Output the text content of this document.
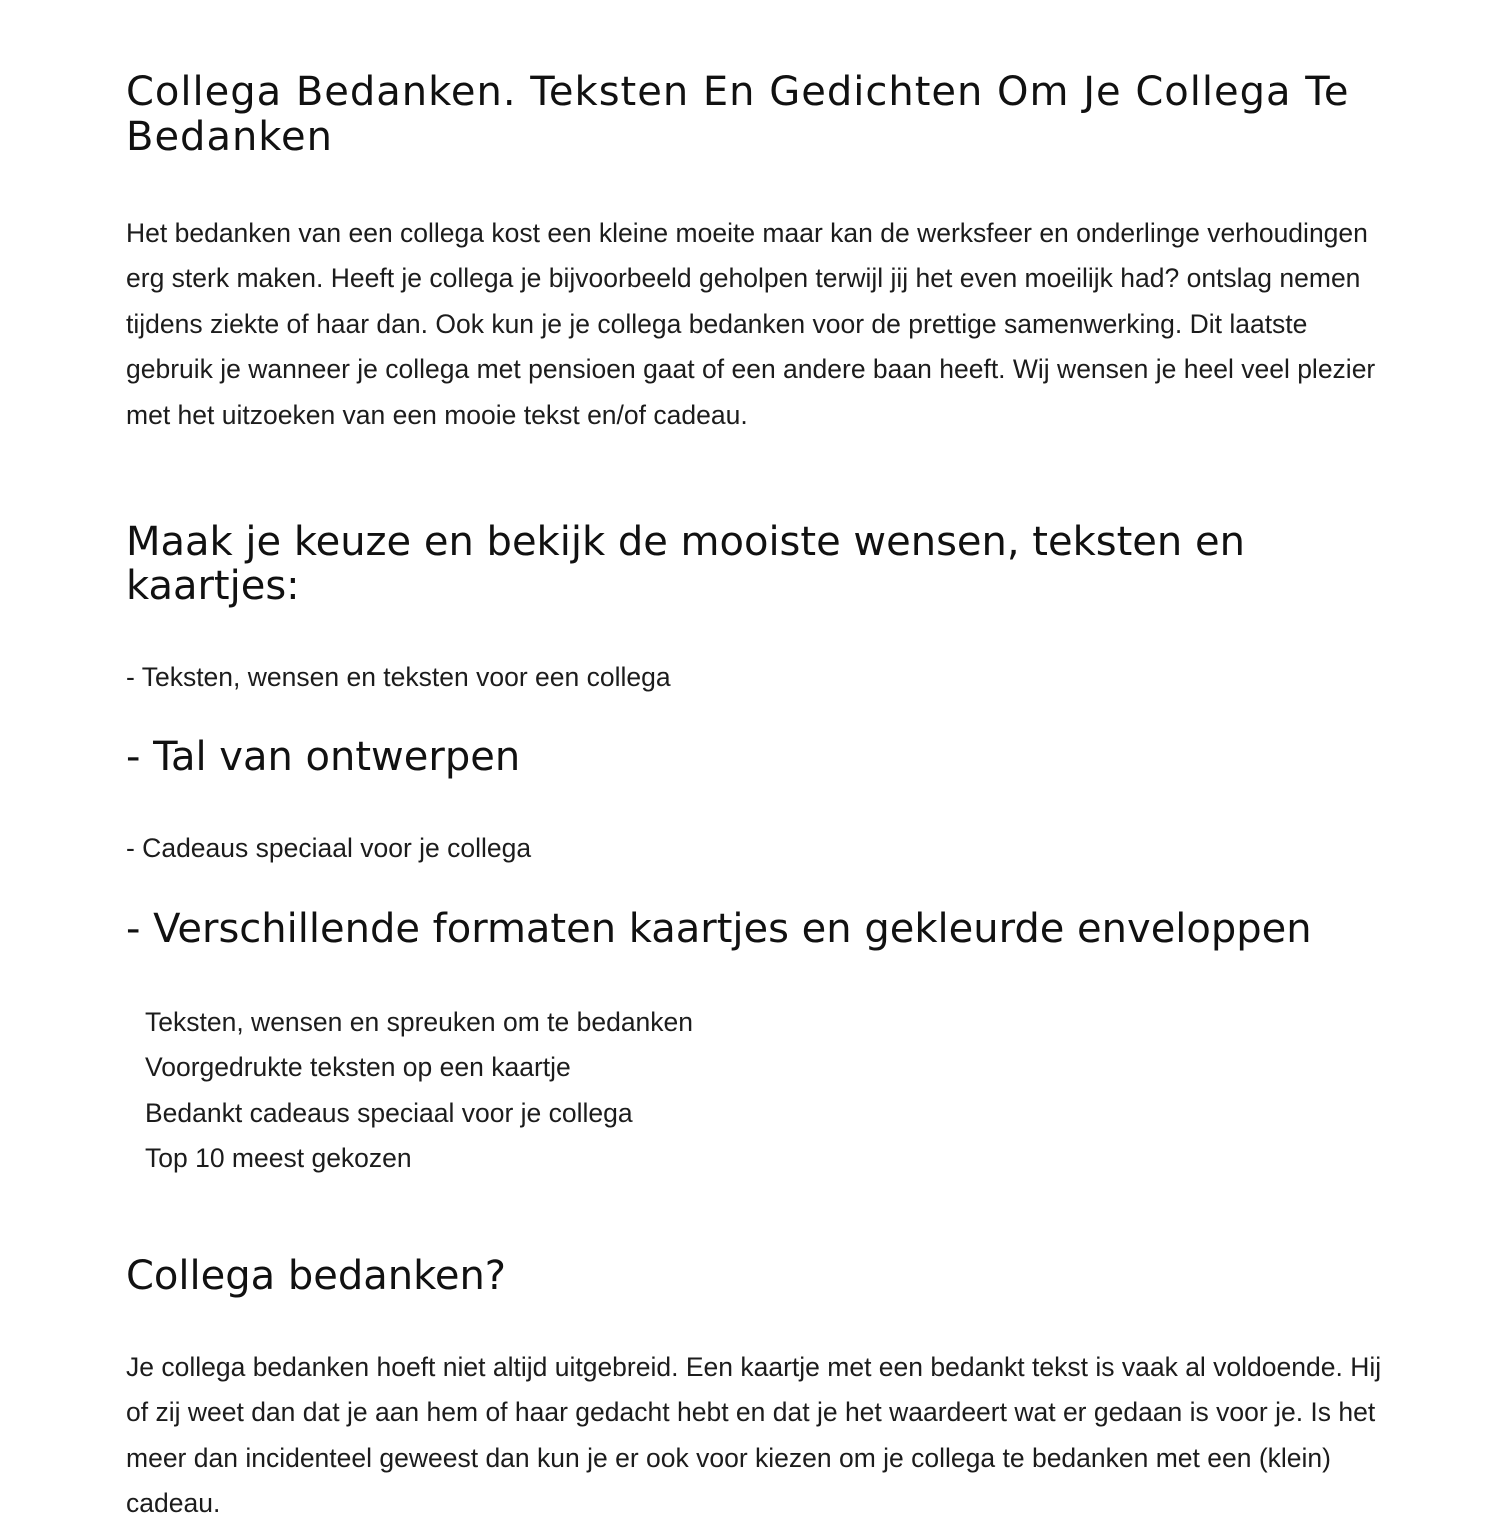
Collega Bedanken. Teksten En Gedichten Om Je Collega Te Bedanken

Het bedanken van een collega kost een kleine moeite maar kan de werksfeer en onderlinge verhoudingen erg sterk maken. Heeft je collega je bijvoorbeeld geholpen terwijl jij het even moeilijk had? ontslag nemen tijdens ziekte of haar dan. Ook kun je je collega bedanken voor de prettige samenwerking. Dit laatste gebruik je wanneer je collega met pensioen gaat of een andere baan heeft. Wij wensen je heel veel plezier met het uitzoeken van een mooie tekst en/of cadeau.

Maak je keuze en bekijk de mooiste wensen, teksten en kaartjes:

- Teksten, wensen en teksten voor een collega

- Tal van ontwerpen

- Cadeaus speciaal voor je collega

- Verschillende formaten kaartjes en gekleurde enveloppen
Teksten, wensen en spreuken om te bedanken
Voorgedrukte teksten op een kaartje
Bedankt cadeaus speciaal voor je collega
Top 10 meest gekozen
Collega bedanken?

Je collega bedanken hoeft niet altijd uitgebreid. Een kaartje met een bedankt tekst is vaak al voldoende. Hij of zij weet dan dat je aan hem of haar gedacht hebt en dat je het waardeert wat er gedaan is voor je. Is het meer dan incidenteel geweest dan kun je er ook voor kiezen om je collega te bedanken met een (klein) cadeau.
